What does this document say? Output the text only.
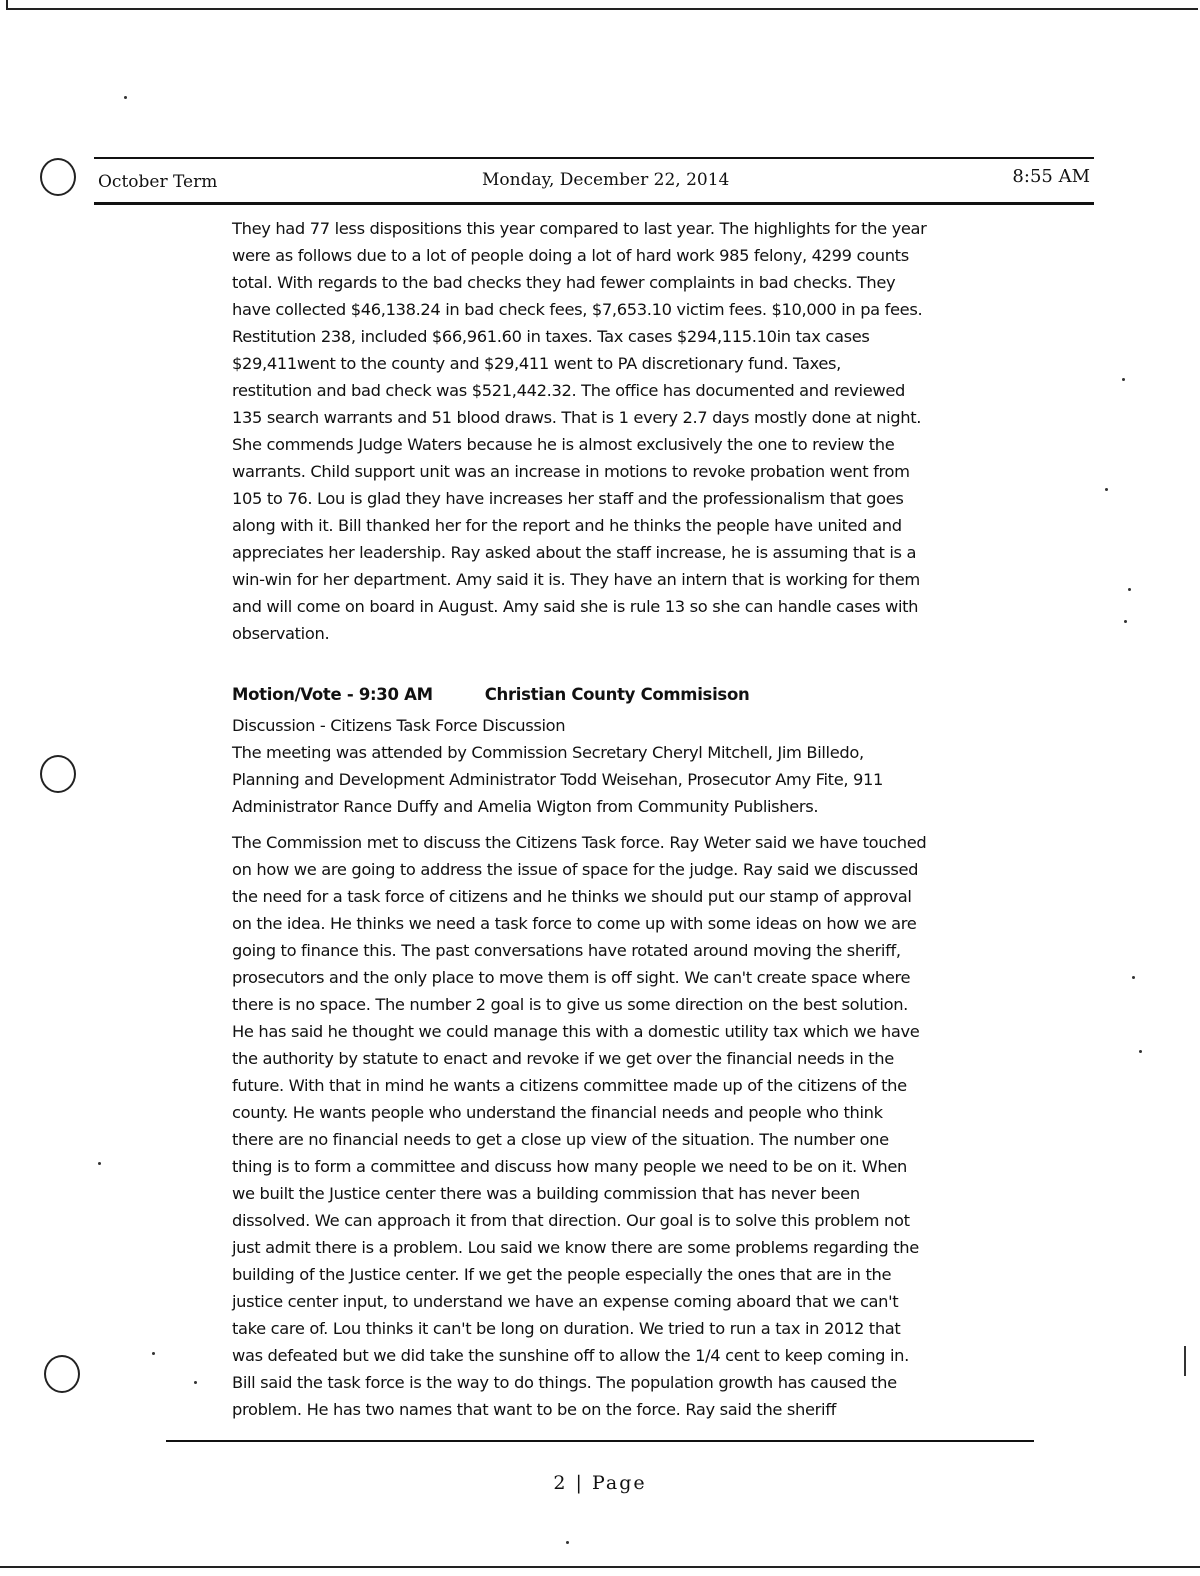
October Term	Monday, December 22, 2014	8:55 AM
They had 77 less dispositions this year compared to last year. The highlights for the year
were as follows due to a lot of people doing a lot of hard work 985 felony, 4299 counts
total. With regards to the bad checks they had fewer complaints in bad checks. They
have collected $46,138.24 in bad check fees, $7,653.10 victim fees. $10,000 in pa fees.
Restitution 238, included $66,961.60 in taxes. Tax cases $294,115.10in tax cases
$29,411went to the county and $29,411 went to PA discretionary fund. Taxes,
restitution and bad check was $521,442.32. The office has documented and reviewed
135 search warrants and 51 blood draws. That is 1 every 2.7 days mostly done at night.
She commends Judge Waters because he is almost exclusively the one to review the
warrants. Child support unit was an increase in motions to revoke probation went from
105 to 76. Lou is glad they have increases her staff and the professionalism that goes
along with it. Bill thanked her for the report and he thinks the people have united and
appreciates her leadership. Ray asked about the staff increase, he is assuming that is a
win-win for her department. Amy said it is. They have an intern that is working for them
and will come on board in August. Amy said she is rule 13 so she can handle cases with
observation.
Motion/Vote - 9:30 AM	Christian County Commisison
Discussion - Citizens Task Force Discussion
The meeting was attended by Commission Secretary Cheryl Mitchell, Jim Billedo,
Planning and Development Administrator Todd Weisehan, Prosecutor Amy Fite, 911
Administrator Rance Duffy and Amelia Wigton from Community Publishers.
The Commission met to discuss the Citizens Task force. Ray Weter said we have touched
on how we are going to address the issue of space for the judge. Ray said we discussed
the need for a task force of citizens and he thinks we should put our stamp of approval
on the idea. He thinks we need a task force to come up with some ideas on how we are
going to finance this. The past conversations have rotated around moving the sheriff,
prosecutors and the only place to move them is off sight. We can't create space where
there is no space. The number 2 goal is to give us some direction on the best solution.
He has said he thought we could manage this with a domestic utility tax which we have
the authority by statute to enact and revoke if we get over the financial needs in the
future. With that in mind he wants a citizens committee made up of the citizens of the
county. He wants people who understand the financial needs and people who think
there are no financial needs to get a close up view of the situation. The number one
thing is to form a committee and discuss how many people we need to be on it. When
we built the Justice center there was a building commission that has never been
dissolved. We can approach it from that direction. Our goal is to solve this problem not
just admit there is a problem. Lou said we know there are some problems regarding the
building of the Justice center. If we get the people especially the ones that are in the
justice center input, to understand we have an expense coming aboard that we can't
take care of. Lou thinks it can't be long on duration. We tried to run a tax in 2012 that
was defeated but we did take the sunshine off to allow the 1/4 cent to keep coming in.
Bill said the task force is the way to do things. The population growth has caused the
problem. He has two names that want to be on the force. Ray said the sheriff
2 | Page
